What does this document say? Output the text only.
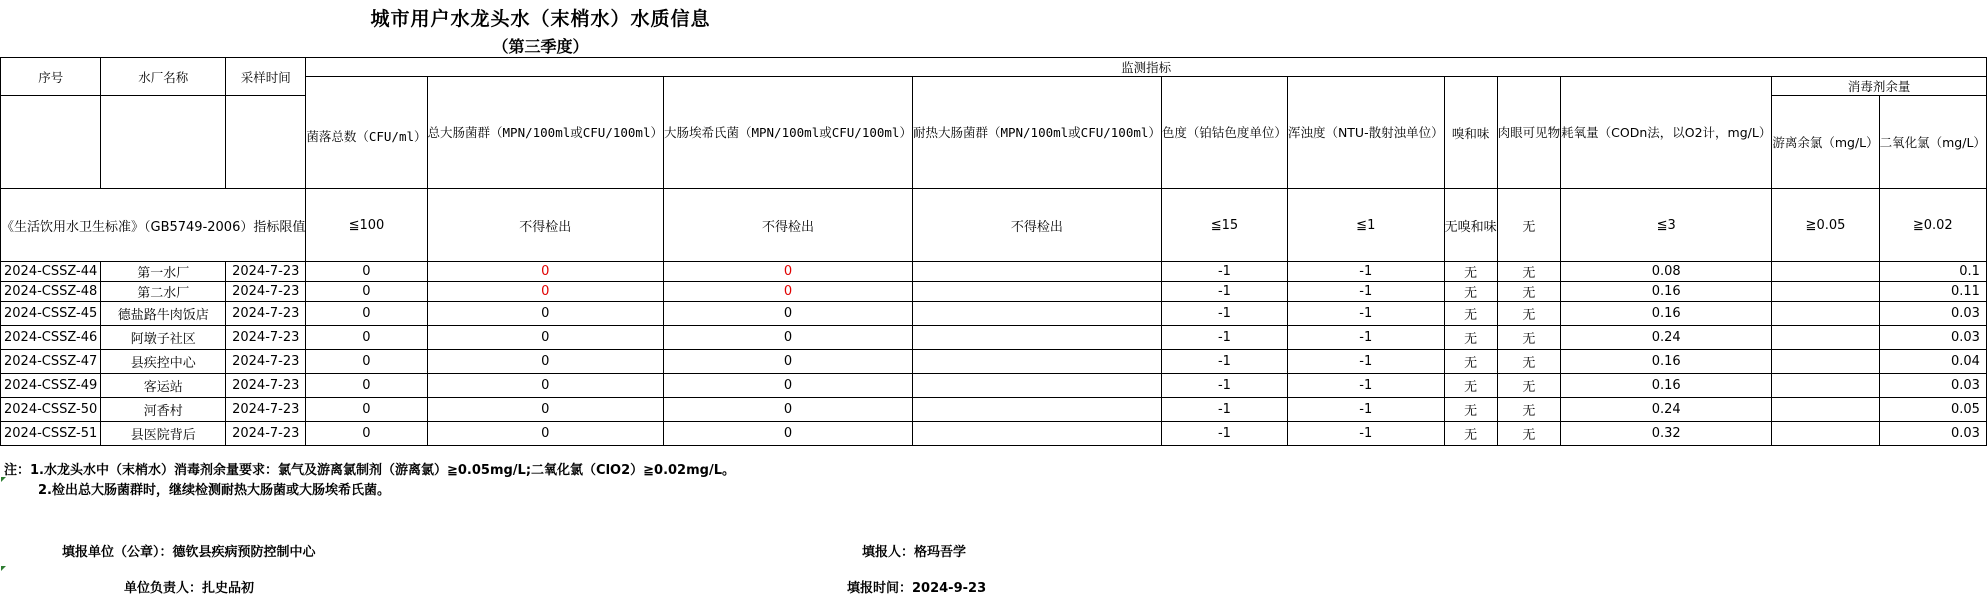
城市用户水龙头水（末梢水）水质信息
（第三季度）
序号	水厂名称	采样时间	监测指标										
			菌落总数（CFU/ml）	总大肠菌群（MPN/100ml或CFU/100ml）	大肠埃希氏菌（MPN/100ml或CFU/100ml）	耐热大肠菌群（MPN/100ml或CFU/100ml）	色度（铂钴色度单位）	浑浊度（NTU-散射浊单位）	嗅和味	肉眼可见物	耗氧量（CODn法，以O2计，mg/L）	消毒剂余量	
												游离余氯（mg/L）	二氧化氯（mg/L）
《生活饮用水卫生标准》（GB5749-2006）指标限值			≦100	不得检出	不得检出	不得检出	≦15	≦1	无嗅和味	无	≦3	≧0.05	≧0.02
2024-CSSZ-44	第一水厂	2024-7-23	0	0	0		-1	-1	无	无	0.08		0.1
2024-CSSZ-48	第二水厂	2024-7-23	0	0	0		-1	-1	无	无	0.16		0.11
2024-CSSZ-45	德盐路牛肉饭店	2024-7-23	0	0	0		-1	-1	无	无	0.16		0.03
2024-CSSZ-46	阿墩子社区	2024-7-23	0	0	0		-1	-1	无	无	0.24		0.03
2024-CSSZ-47	县疾控中心	2024-7-23	0	0	0		-1	-1	无	无	0.16		0.04
2024-CSSZ-49	客运站	2024-7-23	0	0	0		-1	-1	无	无	0.16		0.03
2024-CSSZ-50	河香村	2024-7-23	0	0	0		-1	-1	无	无	0.24		0.05
2024-CSSZ-51	县医院背后	2024-7-23	0	0	0		-1	-1	无	无	0.32		0.03
注：1.水龙头水中（末梢水）消毒剂余量要求：氯气及游离氯制剂（游离氯）≧0.05mg/L;二氧化氯（ClO2）≧0.02mg/L。
2.检出总大肠菌群时，继续检测耐热大肠菌或大肠埃希氏菌。
填报单位（公章）：德钦县疾病预防控制中心	填报人：格玛吾学
单位负责人：扎史品初	填报时间：2024-9-23
